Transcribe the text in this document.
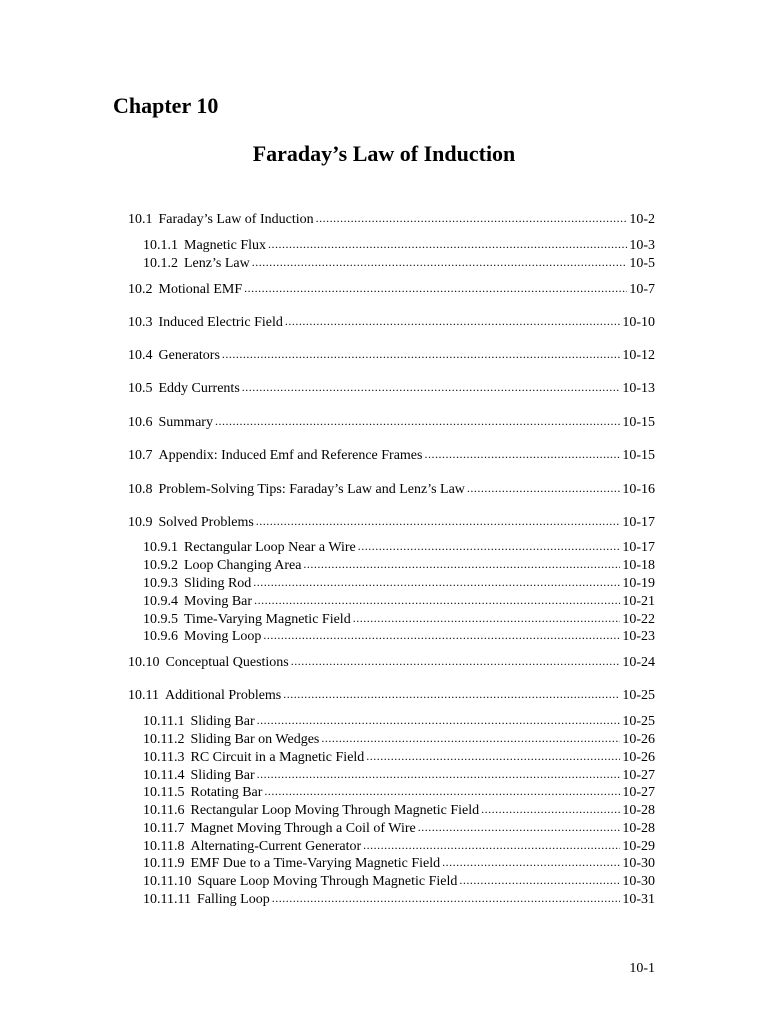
Chapter 10
Faraday’s Law of Induction
10.1 Faraday’s Law of Induction .....	10-2
10.1.1 Magnetic Flux .....	10-3
10.1.2 Lenz’s Law .....	10-5
10.2 Motional EMF .....	10-7
10.3 Induced Electric Field .....	10-10
10.4 Generators .....	10-12
10.5 Eddy Currents .....	10-13
10.6 Summary .....	10-15
10.7 Appendix: Induced Emf and Reference Frames .....	10-15
10.8 Problem-Solving Tips: Faraday’s Law and Lenz’s Law .....	10-16
10.9 Solved Problems .....	10-17
10.9.1 Rectangular Loop Near a Wire .....	10-17
10.9.2 Loop Changing Area .....	10-18
10.9.3 Sliding Rod .....	10-19
10.9.4 Moving Bar .....	10-21
10.9.5 Time-Varying Magnetic Field .....	10-22
10.9.6 Moving Loop .....	10-23
10.10 Conceptual Questions .....	10-24
10.11 Additional Problems .....	10-25
10.11.1 Sliding Bar .....	10-25
10.11.2 Sliding Bar on Wedges .....	10-26
10.11.3 RC Circuit in a Magnetic Field .....	10-26
10.11.4 Sliding Bar .....	10-27
10.11.5 Rotating Bar .....	10-27
10.11.6 Rectangular Loop Moving Through Magnetic Field .....	10-28
10.11.7 Magnet Moving Through a Coil of Wire .....	10-28
10.11.8 Alternating-Current Generator .....	10-29
10.11.9 EMF Due to a Time-Varying Magnetic Field .....	10-30
10.11.10 Square Loop Moving Through Magnetic Field .....	10-30
10.11.11 Falling Loop .....	10-31

10-1
